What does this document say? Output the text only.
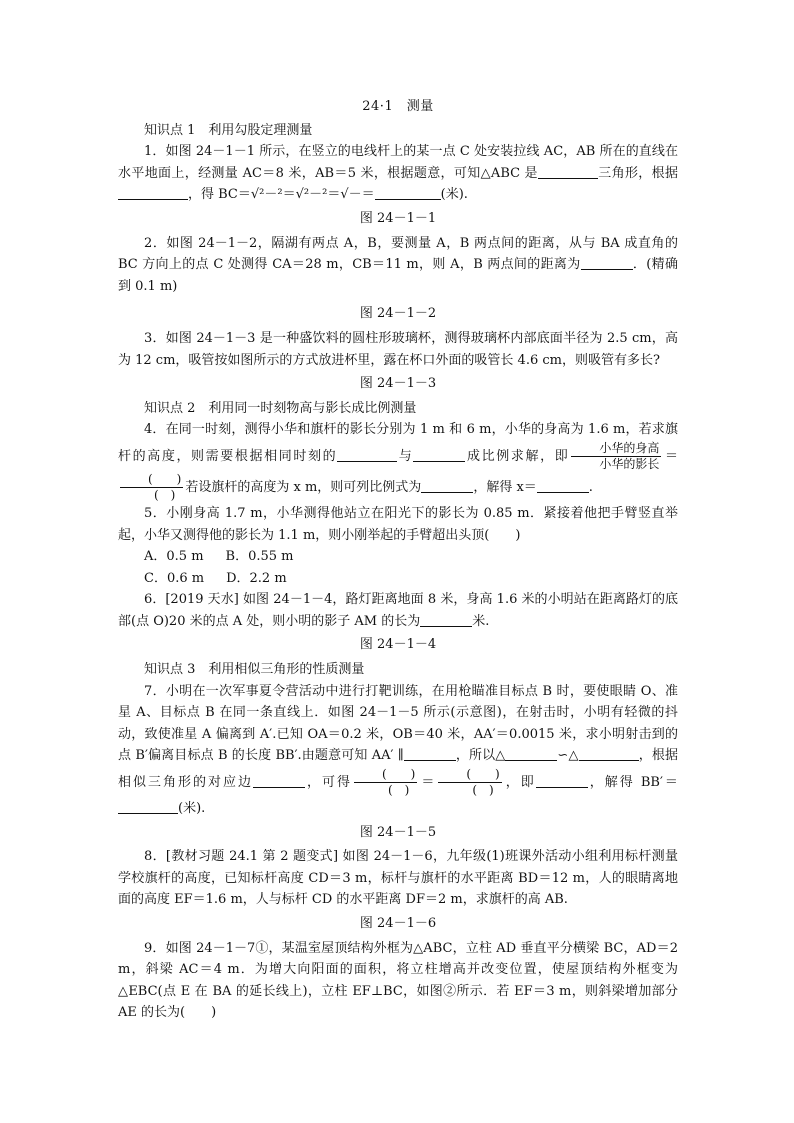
24·1　测量
知识点 1　利用勾股定理测量

1．如图 24－1－1 所示，在竖立的电线杆上的某一点 C 处安装拉线 AC，AB 所在的直线在水平地面上，经测量 AC＝8 米，AB＝5 米，根据题意，可知△ABC 是	三角形，根据，得 BC＝√²－²＝√²－²＝√－＝	(米).

图 24－1－1

2．如图 24－1－2，隔湖有两点 A，B，要测量 A，B 两点间的距离，从与 BA 成直角的 BC 方向上的点 C 处测得 CA＝28 m，CB＝11 m，则 A，B 两点间的距离为	．(精确到 0.1 m)

图 24－1－2

3．如图 24－1－3 是一种盛饮料的圆柱形玻璃杯，测得玻璃杯内部底面半径为 2.5 cm，高为 12 cm，吸管按如图所示的方式放进杯里，露在杯口外面的吸管长 4.6 cm，则吸管有多长?

图 24－1－3
知识点 2　利用同一时刻物高与影长成比例测量

4．在同一时刻，测得小华和旗杆的影长分别为 1 m 和 6 m，小华的身高为 1.6 m，若求旗杆的高度，则需要根据相同时刻的	与	成比例求解，即 $\frac{\text{小华的身高}}{\text{小华的影长}}$ ＝
$\frac{( )}{( )}$ 若设旗杆的高度为 x m，则可列比例式为	，解得 x＝	.

5．小刚身高 1.7 m，小华测得他站立在阳光下的影长为 0.85 m．紧接着他把手臂竖直举起，小华又测得他的影长为 1.1 m，则小刚举起的手臂超出头顶(　　)

A．0.5 m B．0.55 m
C．0.6 m D．2.2 m

6．[2019 天水] 如图 24－1－4，路灯距离地面 8 米，身高 1.6 米的小明站在距离路灯的底部(点 O)20 米的点 A 处，则小明的影子 AM 的长为	米.

图 24－1－4
知识点 3　利用相似三角形的性质测量

7．小明在一次军事夏令营活动中进行打靶训练，在用枪瞄准目标点 B 时，要使眼睛 O、准星 A、目标点 B 在同一条直线上．如图 24－1－5 所示(示意图)，在射击时，小明有轻微的抖动，致使准星 A 偏离到 A′.已知 OA＝0.2 米，OB＝40 米，AA′＝0.0015 米，求小明射击到的点 B′偏离目标点 B 的长度 BB′.由题意可知 AA′ ∥	，所以△	∽△	，根据相似三角形的对应边	，可得 $\frac{( )}{( )} = \frac{( )}{( )}$ ，即	，解得 BB′＝(米).

图 24－1－5

8．[教材习题 24.1 第 2 题变式] 如图 24－1－6，九年级(1)班课外活动小组利用标杆测量学校旗杆的高度，已知标杆高度 CD＝3 m，标杆与旗杆的水平距离 BD＝12 m，人的眼睛离地面的高度 EF＝1.6 m，人与标杆 CD 的水平距离 DF＝2 m，求旗杆的高 AB.

图 24－1－6

9．如图 24－1－7①，某温室屋顶结构外框为△ABC，立柱 AD 垂直平分横梁 BC，AD＝2 m，斜梁 AC＝4 m．为增大向阳面的面积，将立柱增高并改变位置，使屋顶结构外框变为△EBC(点 E 在 BA 的延长线上)，立柱 EF⊥BC，如图②所示．若 EF＝3 m，则斜梁增加部分 AE 的长为(　　)
